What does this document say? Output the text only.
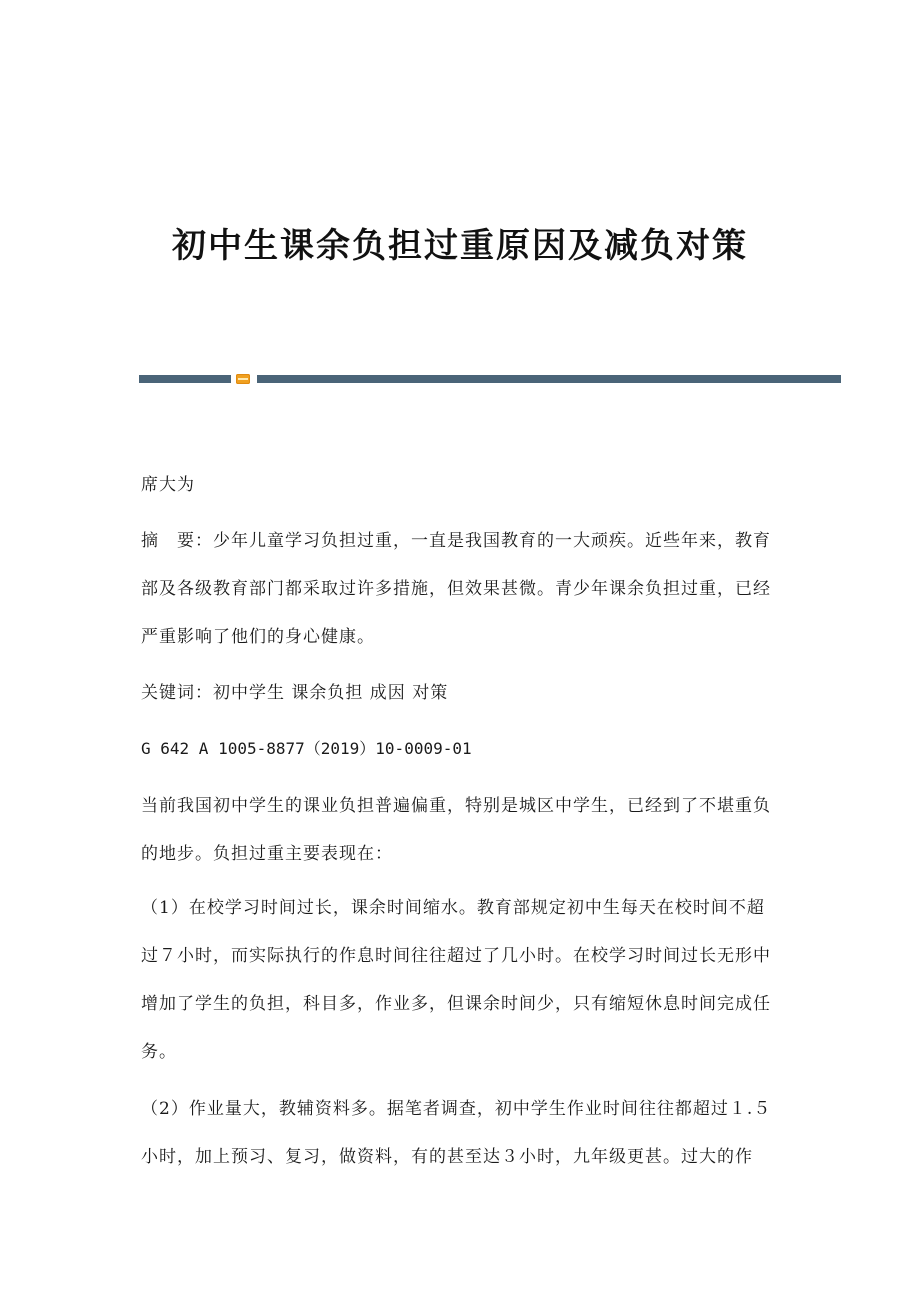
初中生课余负担过重原因及减负对策

席大为

摘　要：少年儿童学习负担过重，一直是我国教育的一大顽疾。近些年来，教育部及各级教育部门都采取过许多措施，但效果甚微。青少年课余负担过重，已经严重影响了他们的身心健康。

关键词：初中学生 课余负担 成因 对策

G 642 A 1005-8877（2019）10-0009-01

当前我国初中学生的课业负担普遍偏重，特别是城区中学生，已经到了不堪重负的地步。负担过重主要表现在：

（1）在校学习时间过长，课余时间缩水。教育部规定初中生每天在校时间不超过７小时，而实际执行的作息时间往往超过了几小时。在校学习时间过长无形中增加了学生的负担，科目多，作业多，但课余时间少，只有缩短休息时间完成任务。

（2）作业量大，教辅资料多。据笔者调查，初中学生作业时间往往都超过１.５小时，加上预习、复习，做资料，有的甚至达３小时，九年级更甚。过大的作
